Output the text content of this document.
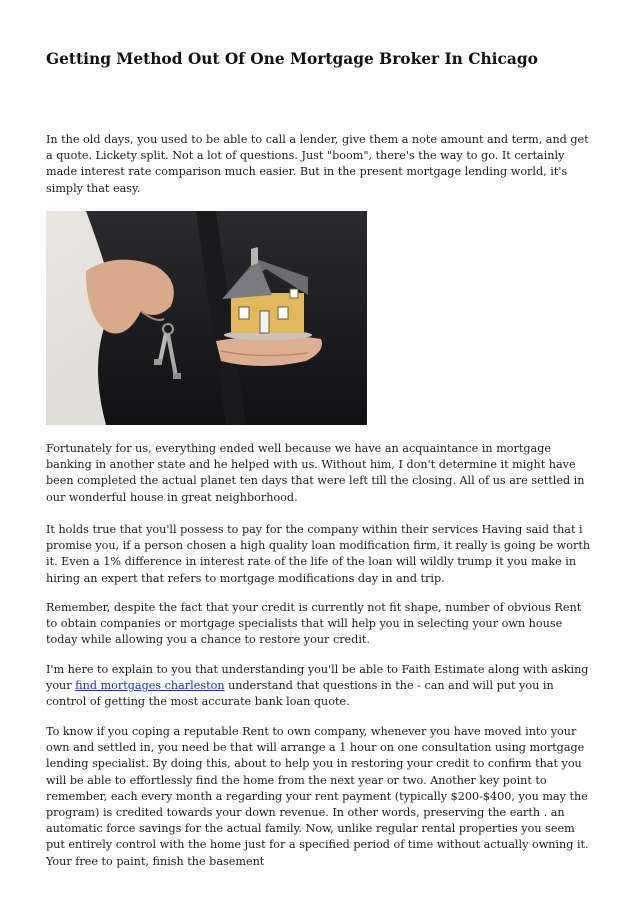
Getting Method Out Of One Mortgage Broker In Chicago

In the old days, you used to be able to call a lender, give them a note amount and term, and get a quote. Lickety split. Not a lot of questions. Just "boom", there's the way to go. It certainly made interest rate comparison much easier. But in the present mortgage lending world, it's simply that easy.

Fortunately for us, everything ended well because we have an acquaintance in mortgage banking in another state and he helped with us. Without him, I don't determine it might have been completed the actual planet ten days that were left till the closing. All of us are settled in our wonderful house in great neighborhood.

It holds true that you'll possess to pay for the company within their services Having said that i promise you, if a person chosen a high quality loan modification firm, it really is going be worth it. Even a 1% difference in interest rate of the life of the loan will wildly trump it you make in hiring an expert that refers to mortgage modifications day in and trip.

Remember, despite the fact that your credit is currently not fit shape, number of obvious Rent to obtain companies or mortgage specialists that will help you in selecting your own house today while allowing you a chance to restore your credit.

I'm here to explain to you that understanding you'll be able to Faith Estimate along with asking your find mortgages charleston understand that questions in the - can and will put you in control of getting the most accurate bank loan quote.

To know if you coping a reputable Rent to own company, whenever you have moved into your own and settled in, you need be that will arrange a 1 hour on one consultation using mortgage lending specialist. By doing this, about to help you in restoring your credit to confirm that you will be able to effortlessly find the home from the next year or two. Another key point to remember, each every month a regarding your rent payment (typically $200-$400, you may the program) is credited towards your down revenue. In other words, preserving the earth . an automatic force savings for the actual family. Now, unlike regular rental properties you seem put entirely control with the home just for a specified period of time without actually owning it. Your free to paint, finish the basement
